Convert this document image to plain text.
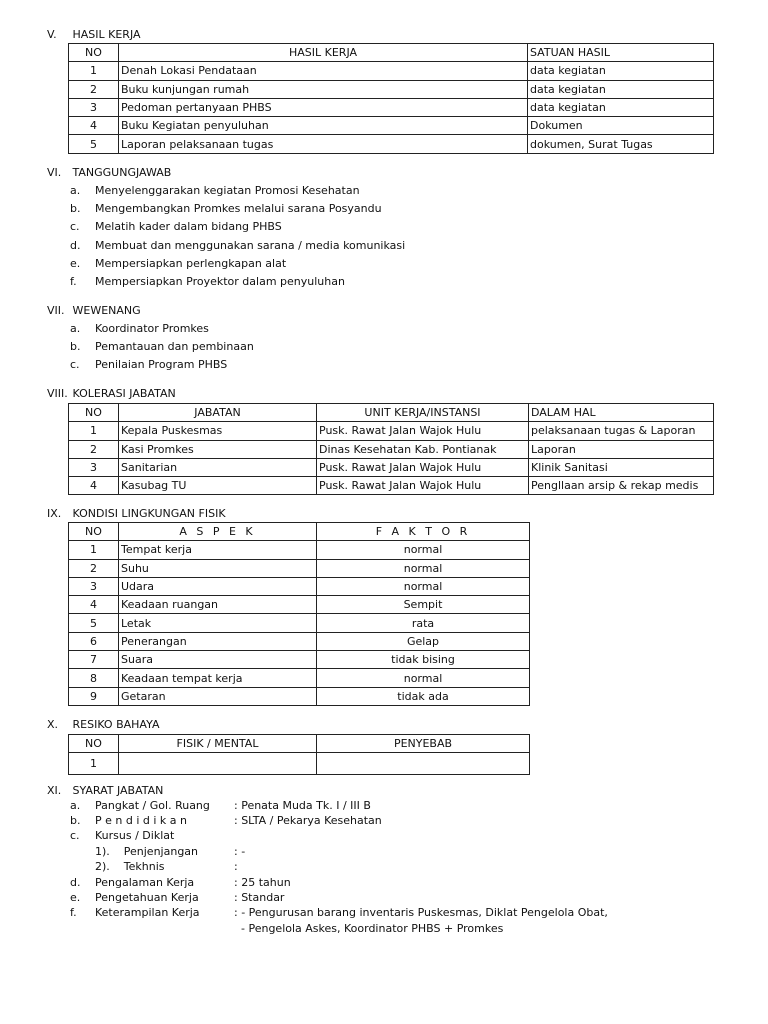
V. HASIL KERJA
NO	HASIL KERJA	SATUAN HASIL
1	Denah Lokasi Pendataan	data kegiatan
2	Buku kunjungan rumah	data kegiatan
3	Pedoman pertanyaan PHBS	data kegiatan
4	Buku Kegiatan penyuluhan	Dokumen
5	Laporan pelaksanaan tugas	dokumen, Surat Tugas
VI. TANGGUNGJAWAB
a. Menyelenggarakan kegiatan Promosi Kesehatan
b. Mengembangkan Promkes melalui sarana Posyandu
c. Melatih kader dalam bidang PHBS
d. Membuat dan menggunakan sarana / media komunikasi
e. Mempersiapkan perlengkapan alat
f. Mempersiapkan Proyektor dalam penyuluhan
VII. WEWENANG
a. Koordinator Promkes
b. Pemantauan dan pembinaan
c. Penilaian Program PHBS
VIII. KOLERASI JABATAN
NO	JABATAN	UNIT KERJA/INSTANSI	DALAM HAL
1	Kepala Puskesmas	Pusk. Rawat Jalan Wajok Hulu	pelaksanaan tugas & Laporan
2	Kasi Promkes	Dinas Kesehatan Kab. Pontianak	Laporan
3	Sanitarian	Pusk. Rawat Jalan Wajok Hulu	Klinik Sanitasi
4	Kasubag TU	Pusk. Rawat Jalan Wajok Hulu	Pengllaan arsip & rekap medis
IX. KONDISI LINGKUNGAN FISIK
NO	A S P E K	F A K T O R
1	Tempat kerja	normal
2	Suhu	normal
3	Udara	normal
4	Keadaan ruangan	Sempit
5	Letak	rata
6	Penerangan	Gelap
7	Suara	tidak bising
8	Keadaan tempat kerja	normal
9	Getaran	tidak ada
X. RESIKO BAHAYA
NO	FISIK / MENTAL	PENYEBAB
1		
XI. SYARAT JABATAN
a. Pangkat / Gol. Ruang : Penata Muda Tk. I / III B
b. P e n d i d i k a n	: SLTA / Pekarya Kesehatan
c. Kursus / Diklat
1).    Penjenjangan	: -
2).    Tekhnis	:
d. Pengalaman Kerja	: 25 tahun
e. Pengetahuan Kerja	: Standar
f. Keterampilan Kerja	: - Pengurusan barang inventaris Puskesmas, Diklat Pengelola Obat,
- Pengelola Askes, Koordinator PHBS + Promkes
